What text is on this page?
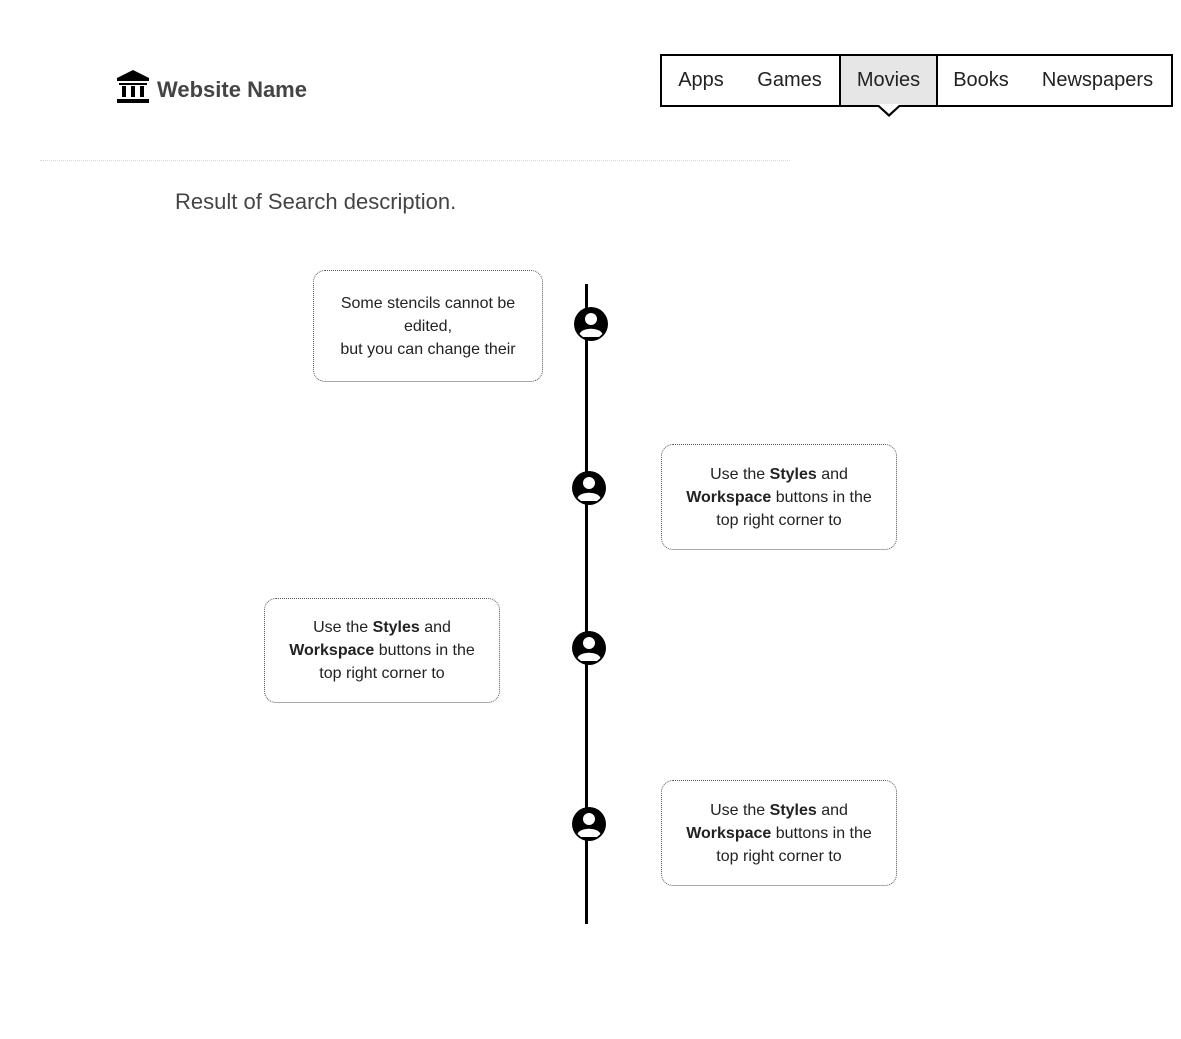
Website Name	Apps Games Movies Books Newspapers
Result of Search description.
Some stencils cannot be edited,
but you can change their
Use the Styles and Workspace buttons in the top right corner to
Use the Styles and Workspace buttons in the top right corner to
Use the Styles and Workspace buttons in the top right corner to
